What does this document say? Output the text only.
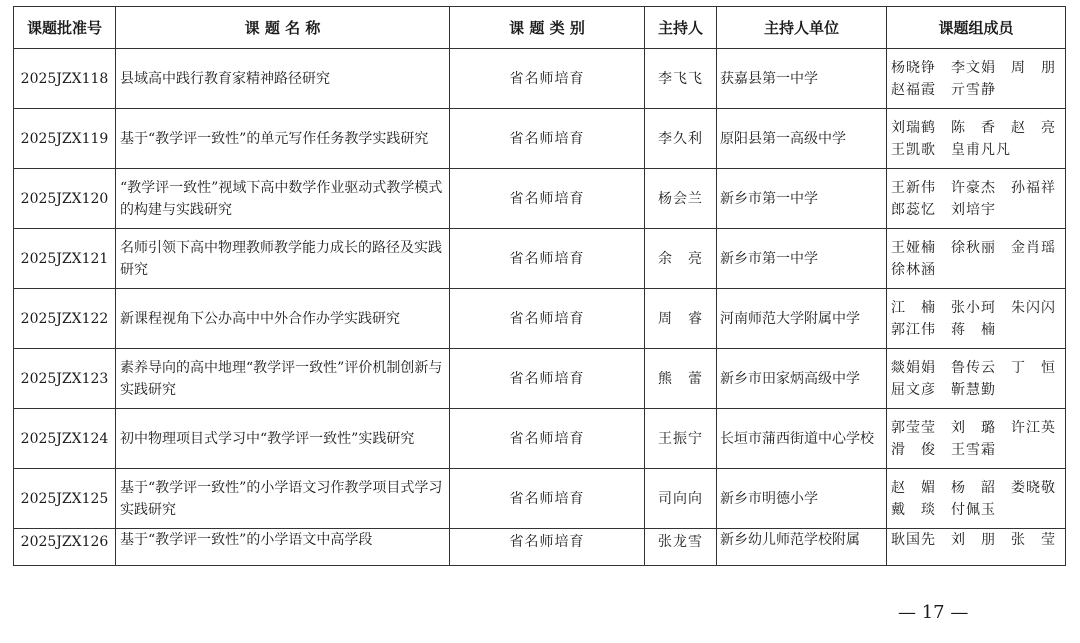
课题批准号	课 题 名 称	课 题 类 别	主持人	主持人单位	课题组成员
2025JZX118	县域高中践行教育家精神路径研究	省名师培育	李飞飞	获嘉县第一中学	杨晓铮　李文娟　周　朋
赵福霞　亓雪静

2025JZX119	基于“教学评一致性”的单元写作任务教学实践研究	省名师培育	李久利	原阳县第一高级中学	刘瑞鹤　陈　香　赵　亮
王凯歌　皇甫凡凡

2025JZX120	“教学评一致性”视域下高中数学作业驱动式教学模式的构建与实践研究	省名师培育	杨会兰	新乡市第一中学	王新伟　许豪杰　孙福祥
郎蕊忆　刘培宇

2025JZX121	名师引领下高中物理教师教学能力成长的路径及实践研究	省名师培育	余　亮	新乡市第一中学	王娅楠　徐秋丽　金肖瑶
徐林涵

2025JZX122	新课程视角下公办高中中外合作办学实践研究	省名师培育	周　睿	河南师范大学附属中学	江　楠　张小珂　朱闪闪
郭江伟　蒋　楠

2025JZX123	素养导向的高中地理“教学评一致性”评价机制创新与实践研究	省名师培育	熊　蕾	新乡市田家炳高级中学	燚娟娟　鲁传云　丁　恒
屈文彦　靳慧勤

2025JZX124	初中物理项目式学习中“教学评一致性”实践研究	省名师培育	王振宁	长垣市蒲西街道中心学校	郭莹莹　刘　璐　许江英
滑　俊　王雪霜

2025JZX125	基于“教学评一致性”的小学语文习作教学项目式学习实践研究	省名师培育	司向向	新乡市明德小学	赵　媚　杨　韶　娄晓敬
戴　琰　付佩玉

2025JZX126	基于“教学评一致性”的小学语文中高学段	省名师培育	张龙雪	新乡幼儿师范学校附属	耿国先　刘　朋　张　莹
— 17 —
